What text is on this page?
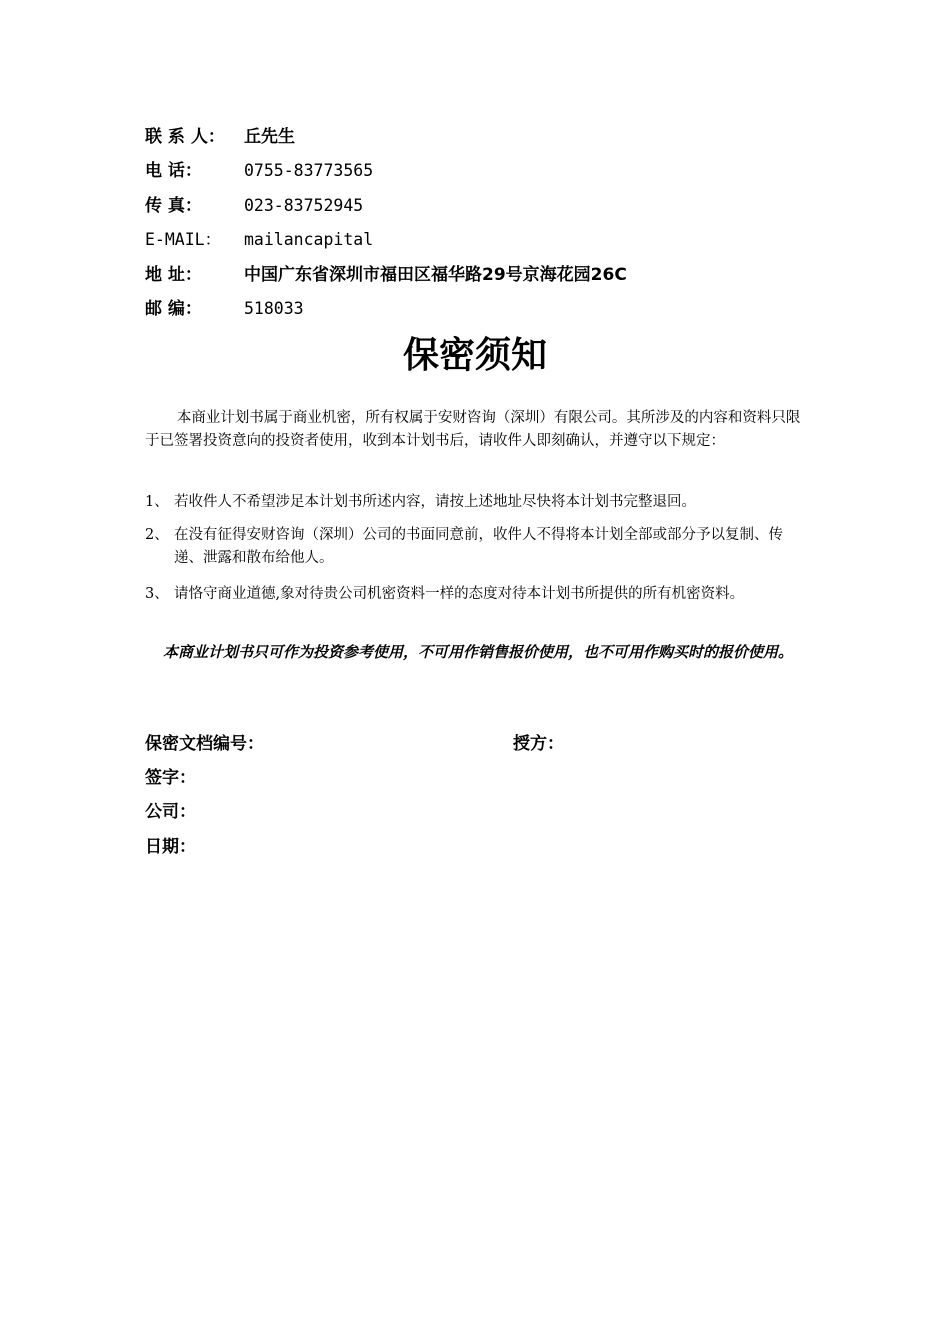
联 系 人： 丘先生
电 话：	0755-83773565
传 真：	023-83752945
E-MAIL： mailancapital
地 址： 中国广东省深圳市福田区福华路29号京海花园26C
邮 编：	518033
保密须知
本商业计划书属于商业机密，所有权属于安财咨询（深圳）有限公司。其所涉及的内容和资料只限于已签署投资意向的投资者使用，收到本计划书后，请收件人即刻确认，并遵守以下规定：
1、 若收件人不希望涉足本计划书所述内容，请按上述地址尽快将本计划书完整退回。
2、 在没有征得安财咨询（深圳）公司的书面同意前，收件人不得将本计划全部或部分予以复制、传递、泄露和散布给他人。
3、 请恪守商业道德,象对待贵公司机密资料一样的态度对待本计划书所提供的所有机密资料。
本商业计划书只可作为投资参考使用，不可用作销售报价使用，也不可用作购买时的报价使用。
保密文档编号：	授方：
签字：
公司：
日期：
